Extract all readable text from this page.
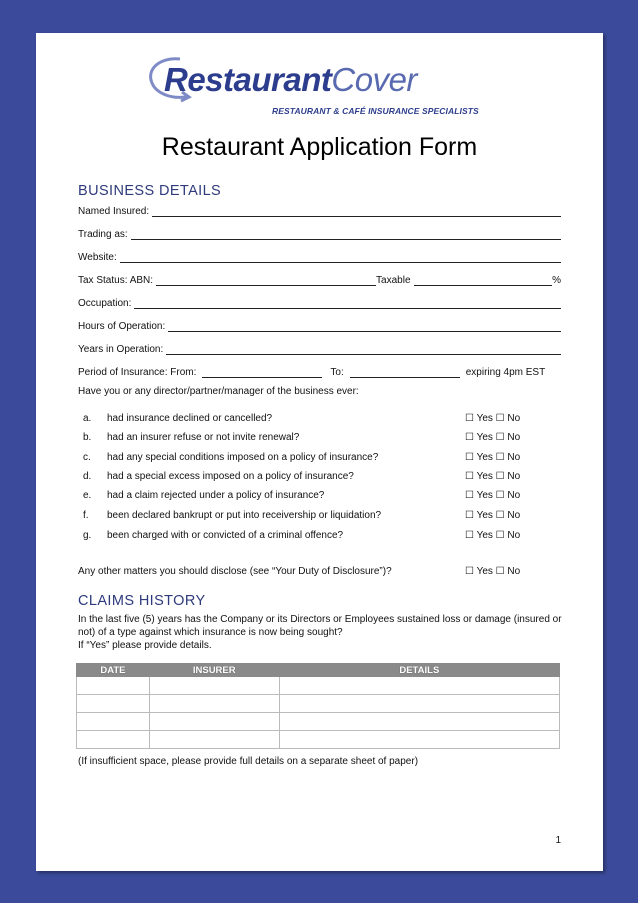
RestaurantCover
RESTAURANT & CAFÉ INSURANCE SPECIALISTS
Restaurant Application Form
BUSINESS DETAILS
Named Insured:
Trading as:
Website:
Tax Status: ABN:	Taxable	%
Occupation:
Hours of Operation:
Years in Operation:
Period of Insurance: From:	To:	expiring 4pm EST
Have you or any director/partner/manager of the business ever:
a. had insurance declined or cancelled?	☐ Yes ☐ No
b. had an insurer refuse or not invite renewal?	☐ Yes ☐ No
c. had any special conditions imposed on a policy of insurance?	☐ Yes ☐ No
d. had a special excess imposed on a policy of insurance?	☐ Yes ☐ No
e. had a claim rejected under a policy of insurance?	☐ Yes ☐ No
f. been declared bankrupt or put into receivership or liquidation?	☐ Yes ☐ No
g. been charged with or convicted of a criminal offence?	☐ Yes ☐ No
Any other matters you should disclose (see “Your Duty of Disclosure”)?	☐ Yes ☐ No
CLAIMS HISTORY
In the last five (5) years has the Company or its Directors or Employees sustained loss or damage (insured or not) of a type against which insurance is now being sought?
If “Yes” please provide details.
DATE	INSURER	DETAILS

(If insufficient space, please provide full details on a separate sheet of paper)
1
